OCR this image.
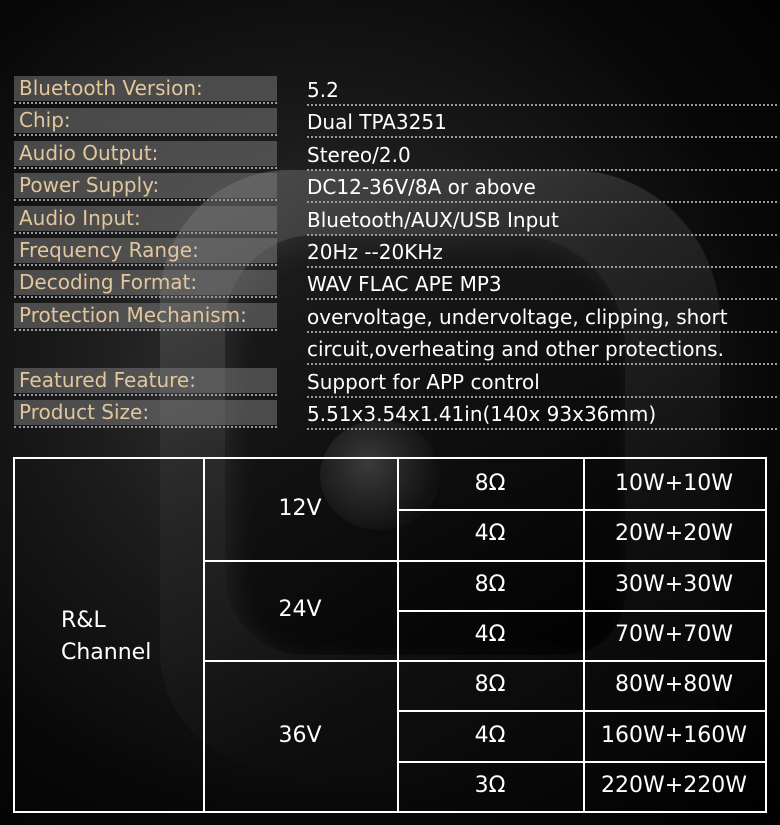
Bluetooth Version:	5.2
Chip:	Dual TPA3251
Audio Output:	Stereo/2.0
Power Supply:	DC12-36V/8A or above
Audio Input:	Bluetooth/AUX/USB Input
Frequency Range:	20Hz --20KHz
Decoding Format:	WAV FLAC APE MP3
Protection Mechanism:	overvoltage, undervoltage, clipping, short
circuit,overheating and other protections.
Featured Feature:	Support for APP control
Product Size:	5.51x3.54x1.41in(140x 93x36mm)
R&L
Channel
12V
8Ω	10W+10W
4Ω	20W+20W
24V
8Ω	30W+30W
4Ω	70W+70W
36V
8Ω	80W+80W
4Ω	160W+160W
3Ω	220W+220W
